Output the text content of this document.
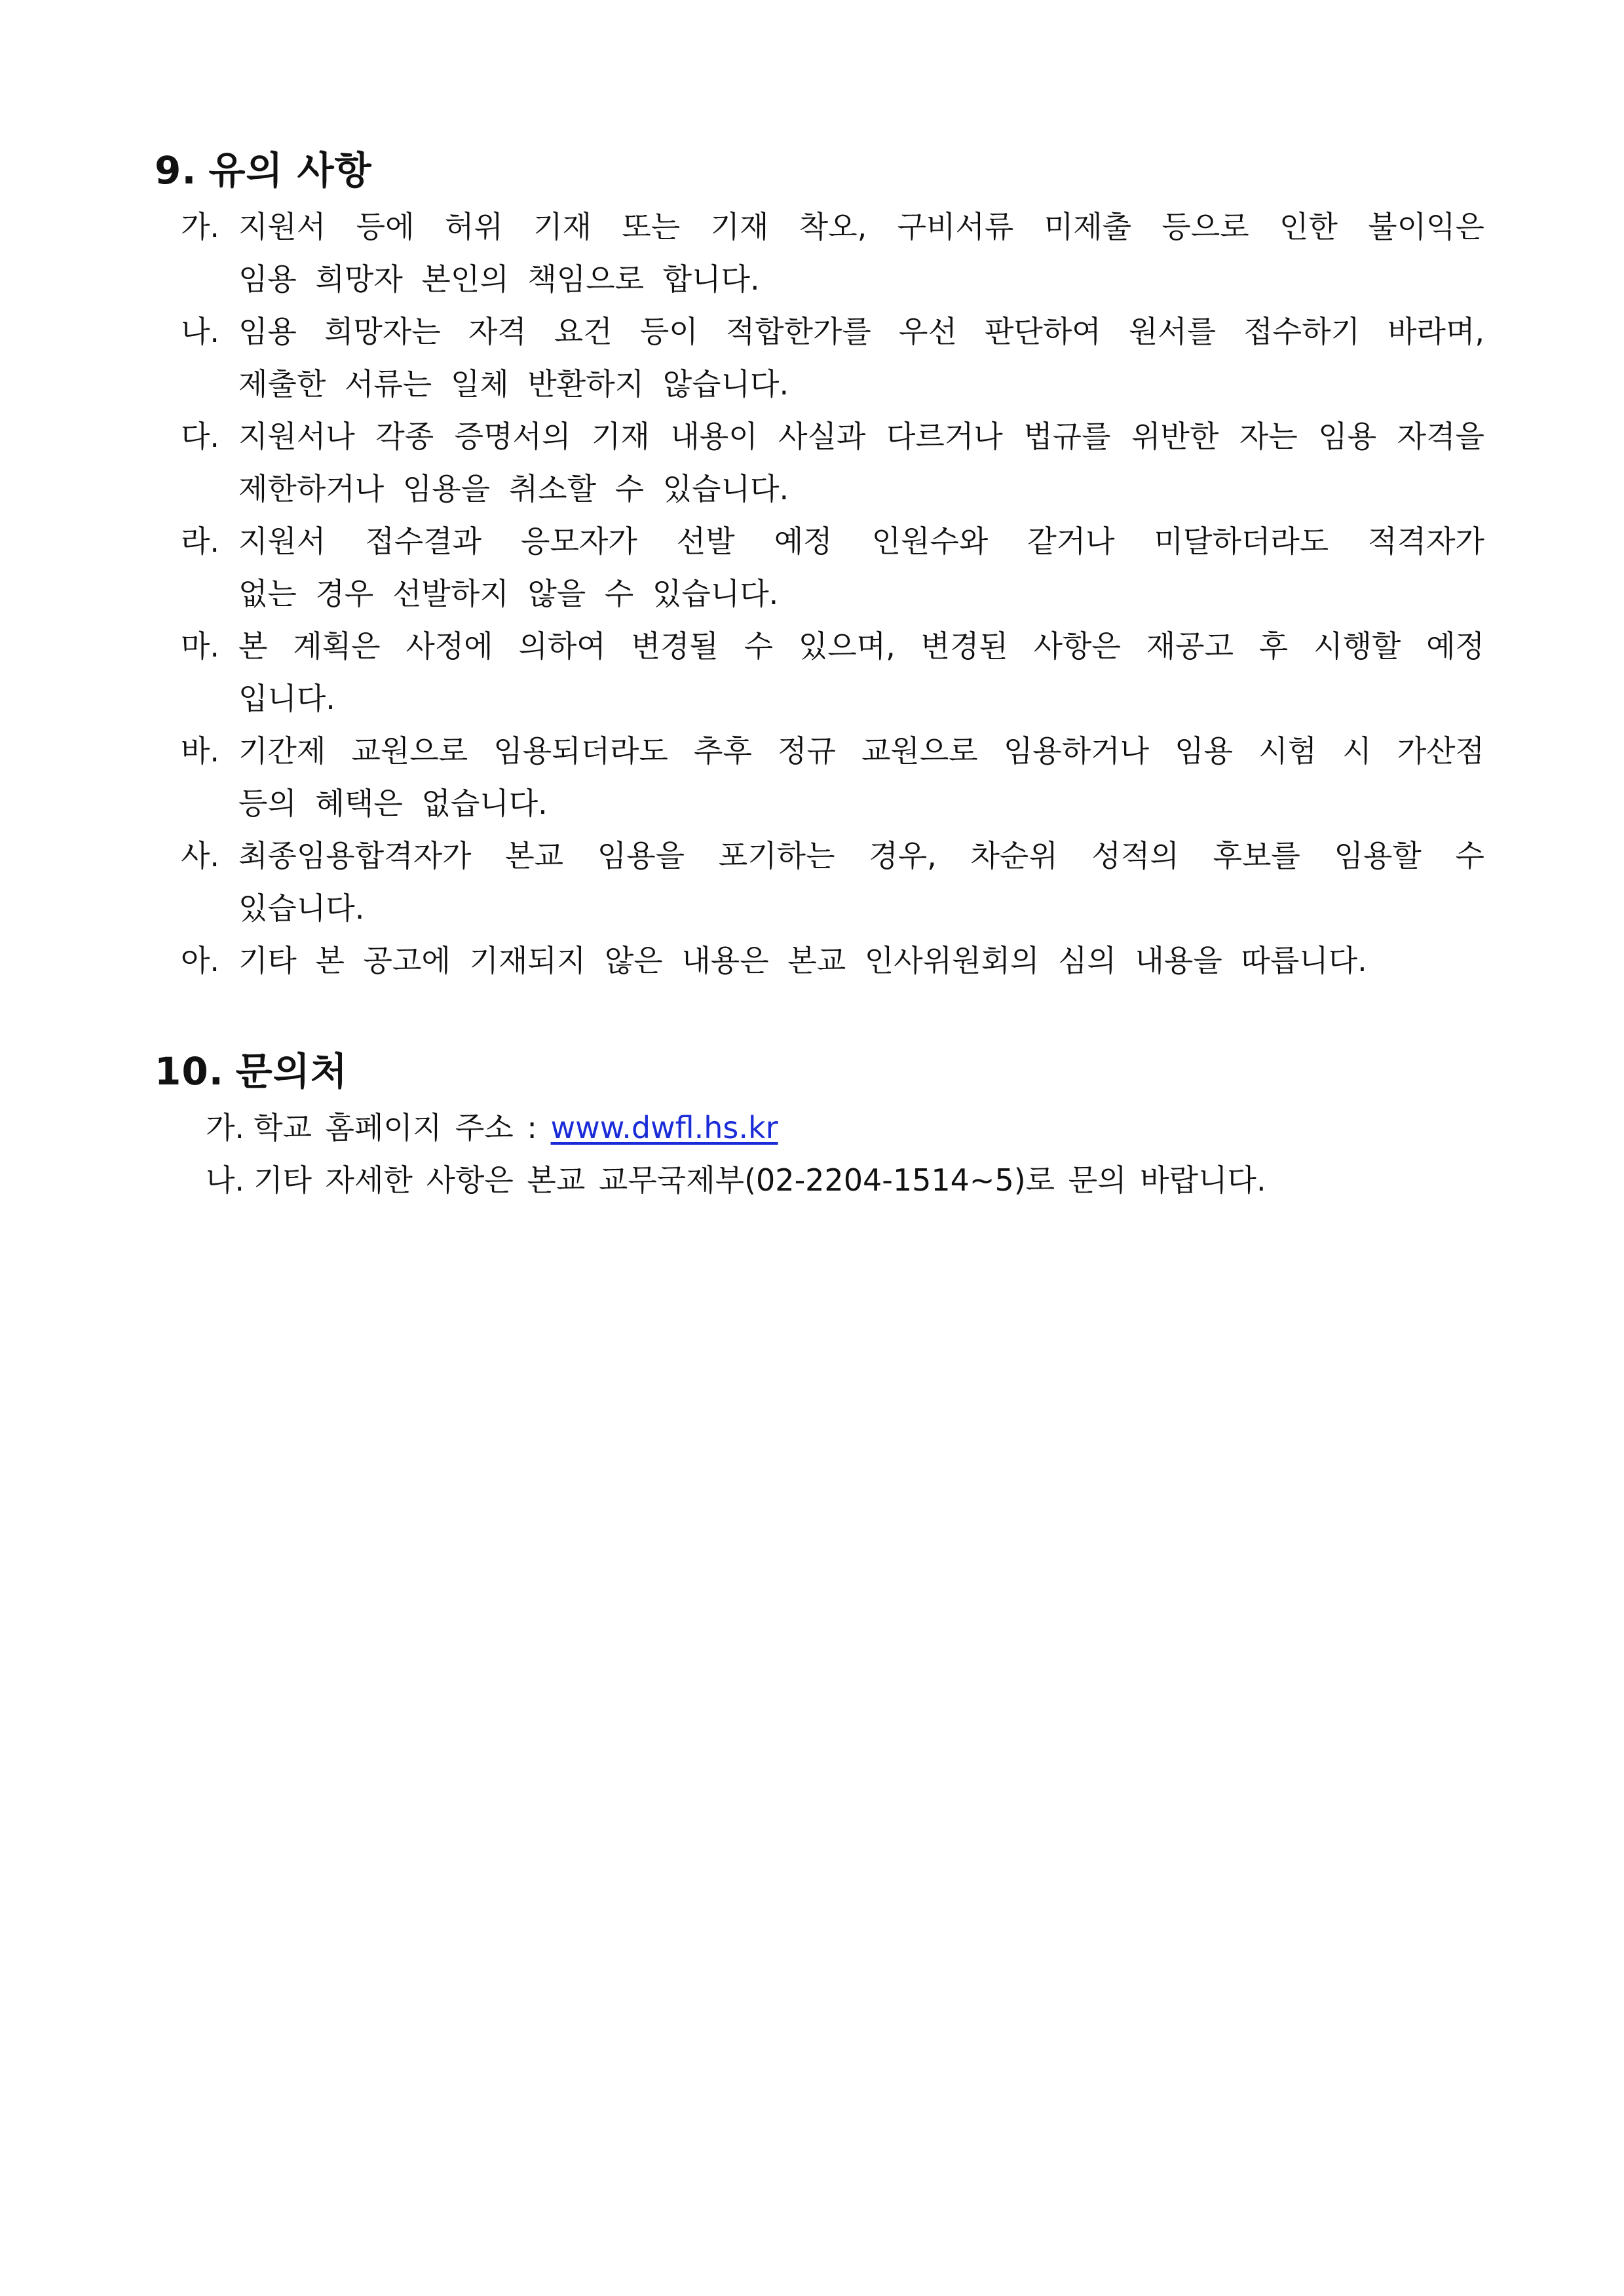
9. 유의 사항
가. 지원서 등에 허위 기재 또는 기재 착오, 구비서류 미제출 등으로 인한 불이익은
임용 희망자 본인의 책임으로 합니다.
나. 임용 희망자는 자격 요건 등이 적합한가를 우선 판단하여 원서를 접수하기 바라며,
제출한 서류는 일체 반환하지 않습니다.
다. 지원서나 각종 증명서의 기재 내용이 사실과 다르거나 법규를 위반한 자는 임용 자격을
제한하거나 임용을 취소할 수 있습니다.
라. 지원서 접수결과 응모자가 선발 예정 인원수와 같거나 미달하더라도 적격자가
없는 경우 선발하지 않을 수 있습니다.
마. 본 계획은 사정에 의하여 변경될 수 있으며, 변경된 사항은 재공고 후 시행할 예정
입니다.
바. 기간제 교원으로 임용되더라도 추후 정규 교원으로 임용하거나 임용 시험 시 가산점
등의 혜택은 없습니다.
사. 최종임용합격자가 본교 임용을 포기하는 경우, 차순위 성적의 후보를 임용할 수
있습니다.
아. 기타 본 공고에 기재되지 않은 내용은 본교 인사위원회의 심의 내용을 따릅니다.
10. 문의처
가. 학교 홈페이지 주소 : www.dwfl.hs.kr
나. 기타 자세한 사항은 본교 교무국제부(02-2204-1514~5)로 문의 바랍니다.
